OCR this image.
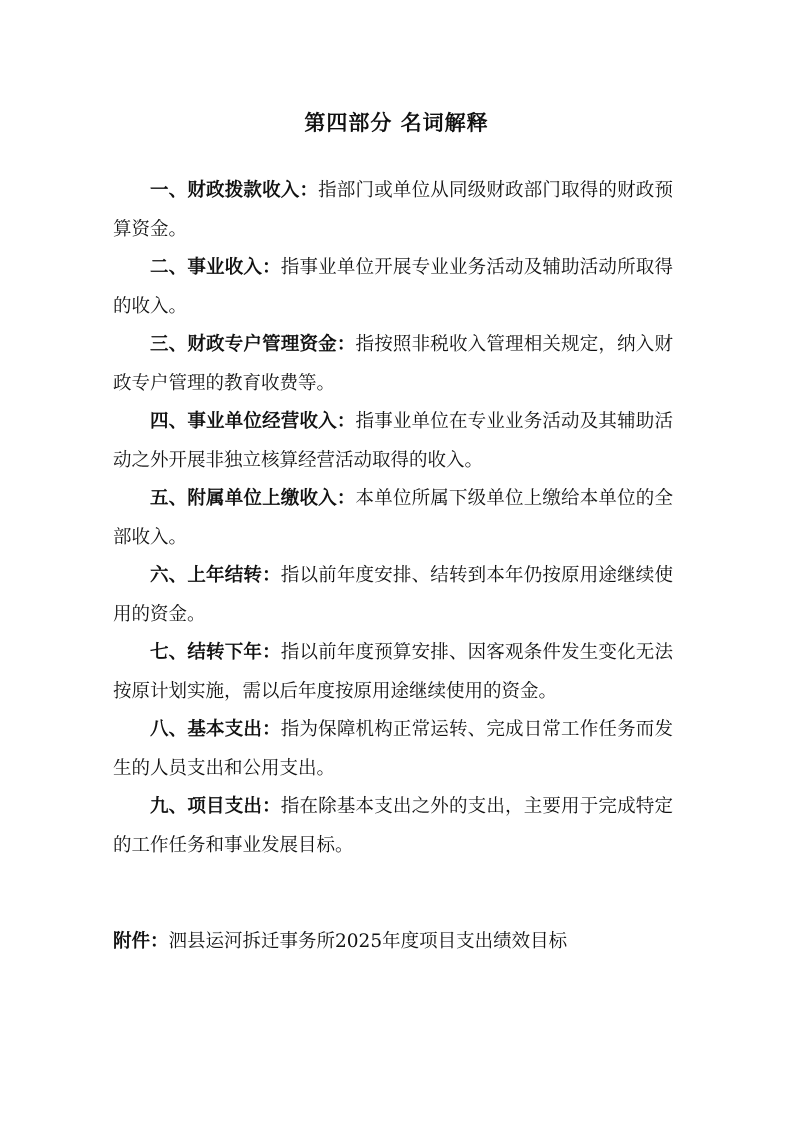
第四部分 名词解释

一、财政拨款收入：指部门或单位从同级财政部门取得的财政预算资金。

二、事业收入：指事业单位开展专业业务活动及辅助活动所取得的收入。

三、财政专户管理资金：指按照非税收入管理相关规定，纳入财政专户管理的教育收费等。

四、事业单位经营收入：指事业单位在专业业务活动及其辅助活动之外开展非独立核算经营活动取得的收入。

五、附属单位上缴收入：本单位所属下级单位上缴给本单位的全部收入。

六、上年结转：指以前年度安排、结转到本年仍按原用途继续使用的资金。

七、结转下年：指以前年度预算安排、因客观条件发生变化无法按原计划实施，需以后年度按原用途继续使用的资金。

八、基本支出：指为保障机构正常运转、完成日常工作任务而发生的人员支出和公用支出。

九、项目支出：指在除基本支出之外的支出，主要用于完成特定的工作任务和事业发展目标。

附件：泗县运河拆迁事务所2025年度项目支出绩效目标
